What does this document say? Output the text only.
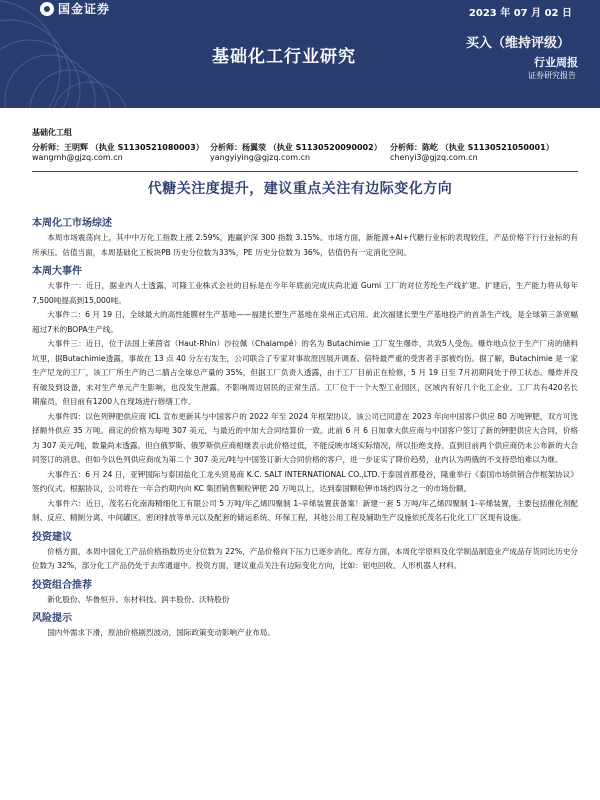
国金证券	2023 年 07 月 02 日
基础化工行业研究
买入（维持评级）
行业周报
证券研究报告
基础化工组
分析师：王明辉 （执业 S1130521080003） 分析师：杨翼荥 （执业 S1130520090002） 分析师：陈屹 （执业 S1130521050001）
wangmh@gjzq.com.cn	yangyiying@gjzq.com.cn	chenyi3@gjzq.com.cn
代糖关注度提升，建议重点关注有边际变化方向
本周化工市场综述

本周市场震荡向上，其中中万化工指数上涨 2.59%，跑赢沪深 300 指数 3.15%。市场方面，新能源+AI+代糖行业标的表现较佳，产品价格下行行业标的有所承压。估值当面，本周基础化工板块PB 历史分位数为33%，PE 历史分位数为 36%，估值仍有一定消化空间。

本周大事件

大事件一：近日，据业内人士透露，可隆工业株式会社的目标是在今年年底前完成庆尚北道 Gumi 工厂的对位芳纶生产线扩建。扩建后，生产能力将从每年7,500吨提高到15,000吨。

大事件二：6 月 19 日，全球最大的高性能膜材生产基地——福建长塑生产基地在泉州正式启用。此次福建长塑生产基地投产的首条生产线，是全球第三条宽幅超过7米的BOPA生产线。

大事件三：近日，位于法国上莱茵省（Haut-Rhin）沙拉佩（Chalampé）的名为 Butachimie 工厂发生爆炸，共致5人受伤。爆炸地点位于生产厂房的储料坑里，据Butachimie透露，事故在 13 点 40 分左右发生，公司联合了专家对事故原因展开调查。倍特最严重的受害者手部被灼伤。据了解，Butachimie 是一家生产尼龙的工厂，该工厂所生产的己二腈占全球总产量的 35%，但据工厂负责人透露，由于工厂目前正在检修，5 月 19 日至 7月初期间处于停工状态。爆炸并没有破及到设备，未对生产单元产生影响，也没发生泄露。不影响周边居民的正常生活。工厂位于一个大型工业园区，区域内有好几个化工企业。工厂共有420名长期雇员，但目前有1200人在现场进行修缮工作。

大事件四：以色列钾肥供应商 ICL 宣布更新其与中国客户的 2022 年至 2024 年框架协议。该公司已同意在 2023 年向中国客户供应 80 万吨钾肥，双方可选择额外供应 35 万吨。商定的价格为每吨 307 美元，与最近的中加大合同结算价一致。此前 6 月 6 日加拿大供应商与中国客户签订了新的钾肥供应大合同，价格为 307 美元/吨，数量尚未透露。但白俄罗斯、俄罗斯供应商相继表示此价格过低，不能反映市场实际情况，所以拒绝支持。直到目前两个供应商仍未公布新的大合同签订的消息。但如今以色列供应商成为第二个 307 美元/吨与中国签订新大合同价格的客户，进一步证实了降价趋势，业内认为两俄的不支持恐怕难以为继。

大事件五：6 月 24 日，亚钾国际与泰国盐化工龙头贸易商 K.C. SALT INTERNATIONAL CO.,LTD.于泰国首都曼谷，隆重举行《泰国市场供销合作框架协议》签约仪式。根据协议，公司将在一年合约期内向 KC 集团销售颗粒钾肥 20 万吨以上，达到泰国颗粒钾市场约四分之一的市场份额。

大事件六：近日，茂名石化南海精细化工有限公司 5 万吨/年乙烯四聚制 1-辛烯装置获备案！新建一套 5 万吨/年乙烯四聚制 1-辛烯装置，主要包括催化剂配制、反应、精制分离、中间罐区、密闭排放等单元以及配套的储运系统、环保工程，其他公用工程及辅助生产设施依托茂名石化化工厂区现有设施。

投资建议

价格方面，本周中国化工产品价格指数历史分位数为 22%，产品价格向下压力已逐步消化。库存方面，本周化学原料及化学制品制造业产成品存货同比历史分位数为 32%，部分化工产品仍处于去库通道中。投资方面，建议重点关注有边际变化方向，比如：铝电回收、人形机器人材料。

投资组合推荐

新化股份、华鲁恒升、东材科技、润丰股份、沃特股份

风险提示

国内外需求下滑，原油价格剧烈波动，国际政策变动影响产业布局。
